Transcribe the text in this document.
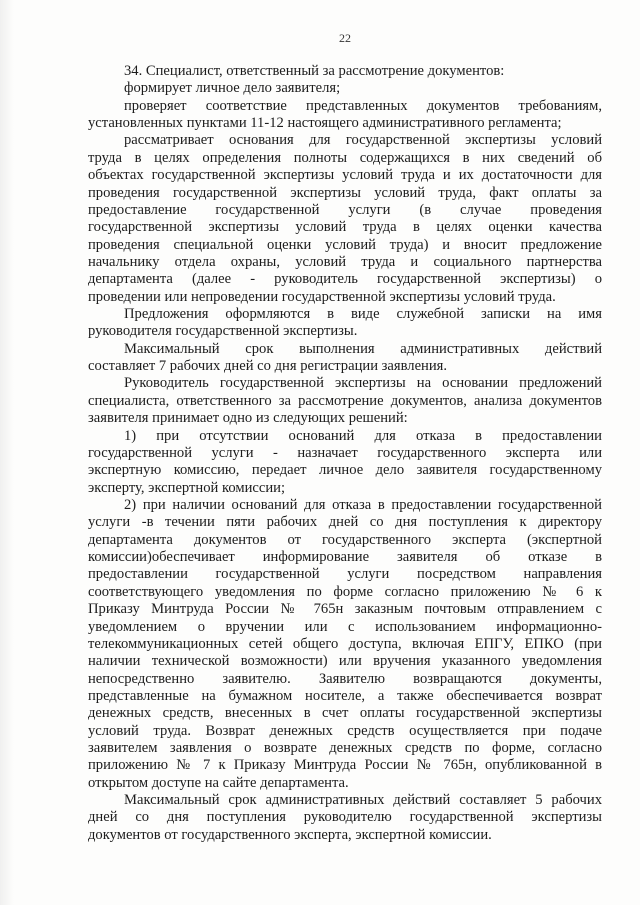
22
34. Специалист, ответственный за рассмотрение документов:
формирует личное дело заявителя;
проверяет соответствие представленных документов требованиям,
установленных пунктами 11-12 настоящего административного регламента;
рассматривает основания для государственной экспертизы условий
труда в целях определения полноты содержащихся в них сведений об
объектах государственной экспертизы условий труда и их достаточности для
проведения государственной экспертизы условий труда, факт оплаты за
предоставление государственной услуги (в случае проведения
государственной экспертизы условий труда в целях оценки качества
проведения специальной оценки условий труда) и вносит предложение
начальнику отдела охраны, условий труда и социального партнерства
департамента (далее - руководитель государственной экспертизы) о
проведении или непроведении государственной экспертизы условий труда.
Предложения оформляются в виде служебной записки на имя
руководителя государственной экспертизы.
Максимальный срок выполнения административных действий
составляет 7 рабочих дней со дня регистрации заявления.
Руководитель государственной экспертизы на основании предложений
специалиста, ответственного за рассмотрение документов, анализа документов
заявителя принимает одно из следующих решений:
1) при отсутствии оснований для отказа в предоставлении
государственной услуги - назначает государственного эксперта или
экспертную комиссию, передает личное дело заявителя государственному
эксперту, экспертной комиссии;
2) при наличии оснований для отказа в предоставлении государственной
услуги -в течении пяти рабочих дней со дня поступления к директору
департамента документов от государственного эксперта (экспертной
комиссии)обеспечивает информирование заявителя об отказе в
предоставлении государственной услуги посредством направления
соответствующего уведомления по форме согласно приложению № 6 к
Приказу Минтруда России № 765н заказным почтовым отправлением с
уведомлением о вручении или с использованием информационно-
телекоммуникационных сетей общего доступа, включая ЕПГУ, ЕПКО (при
наличии технической возможности) или вручения указанного уведомления
непосредственно заявителю. Заявителю возвращаются документы,
представленные на бумажном носителе, а также обеспечивается возврат
денежных средств, внесенных в счет оплаты государственной экспертизы
условий труда. Возврат денежных средств осуществляется при подаче
заявителем заявления о возврате денежных средств по форме, согласно
приложению № 7 к Приказу Минтруда России № 765н, опубликованной в
открытом доступе на сайте департамента.
Максимальный срок административных действий составляет 5 рабочих
дней со дня поступления руководителю государственной экспертизы
документов от государственного эксперта, экспертной комиссии.
